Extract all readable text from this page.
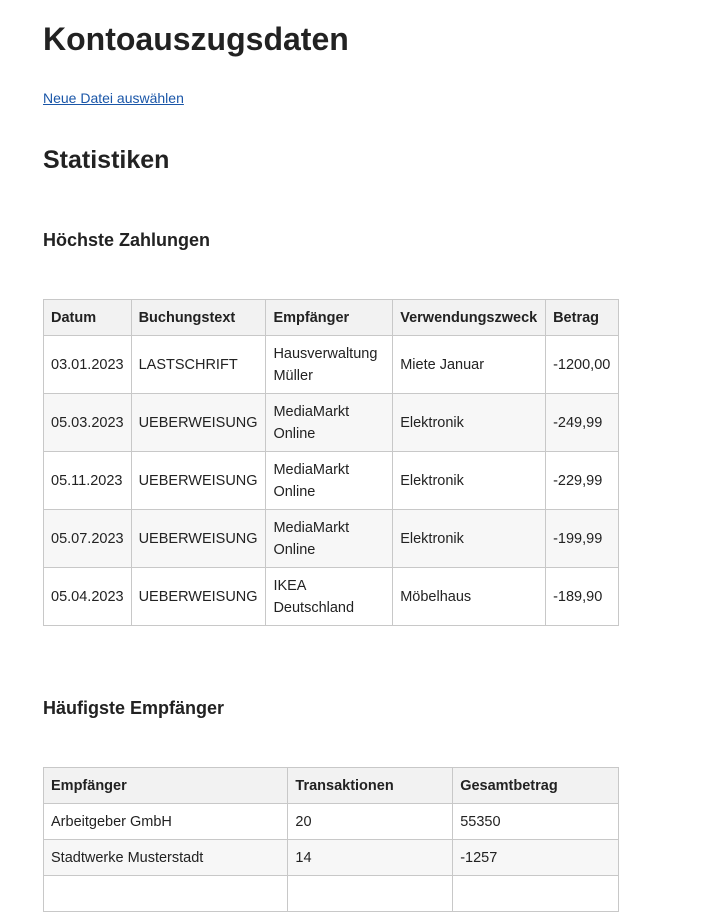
Kontoauszugsdaten
Neue Datei auswählen
Statistiken
Höchste Zahlungen
Datum	Buchungstext	Empfänger	Verwendungszweck	Betrag
03.01.2023	LASTSCHRIFT	Hausverwaltung Müller	Miete Januar	-1200,00
05.03.2023	UEBERWEISUNG	MediaMarkt Online	Elektronik	-249,99
05.11.2023	UEBERWEISUNG	MediaMarkt Online	Elektronik	-229,99
05.07.2023	UEBERWEISUNG	MediaMarkt Online	Elektronik	-199,99
05.04.2023	UEBERWEISUNG	IKEA Deutschland	Möbelhaus	-189,90
Häufigste Empfänger
Empfänger	Transaktionen	Gesamtbetrag
Arbeitgeber GmbH	20	55350
Stadtwerke Musterstadt	14	-1257
